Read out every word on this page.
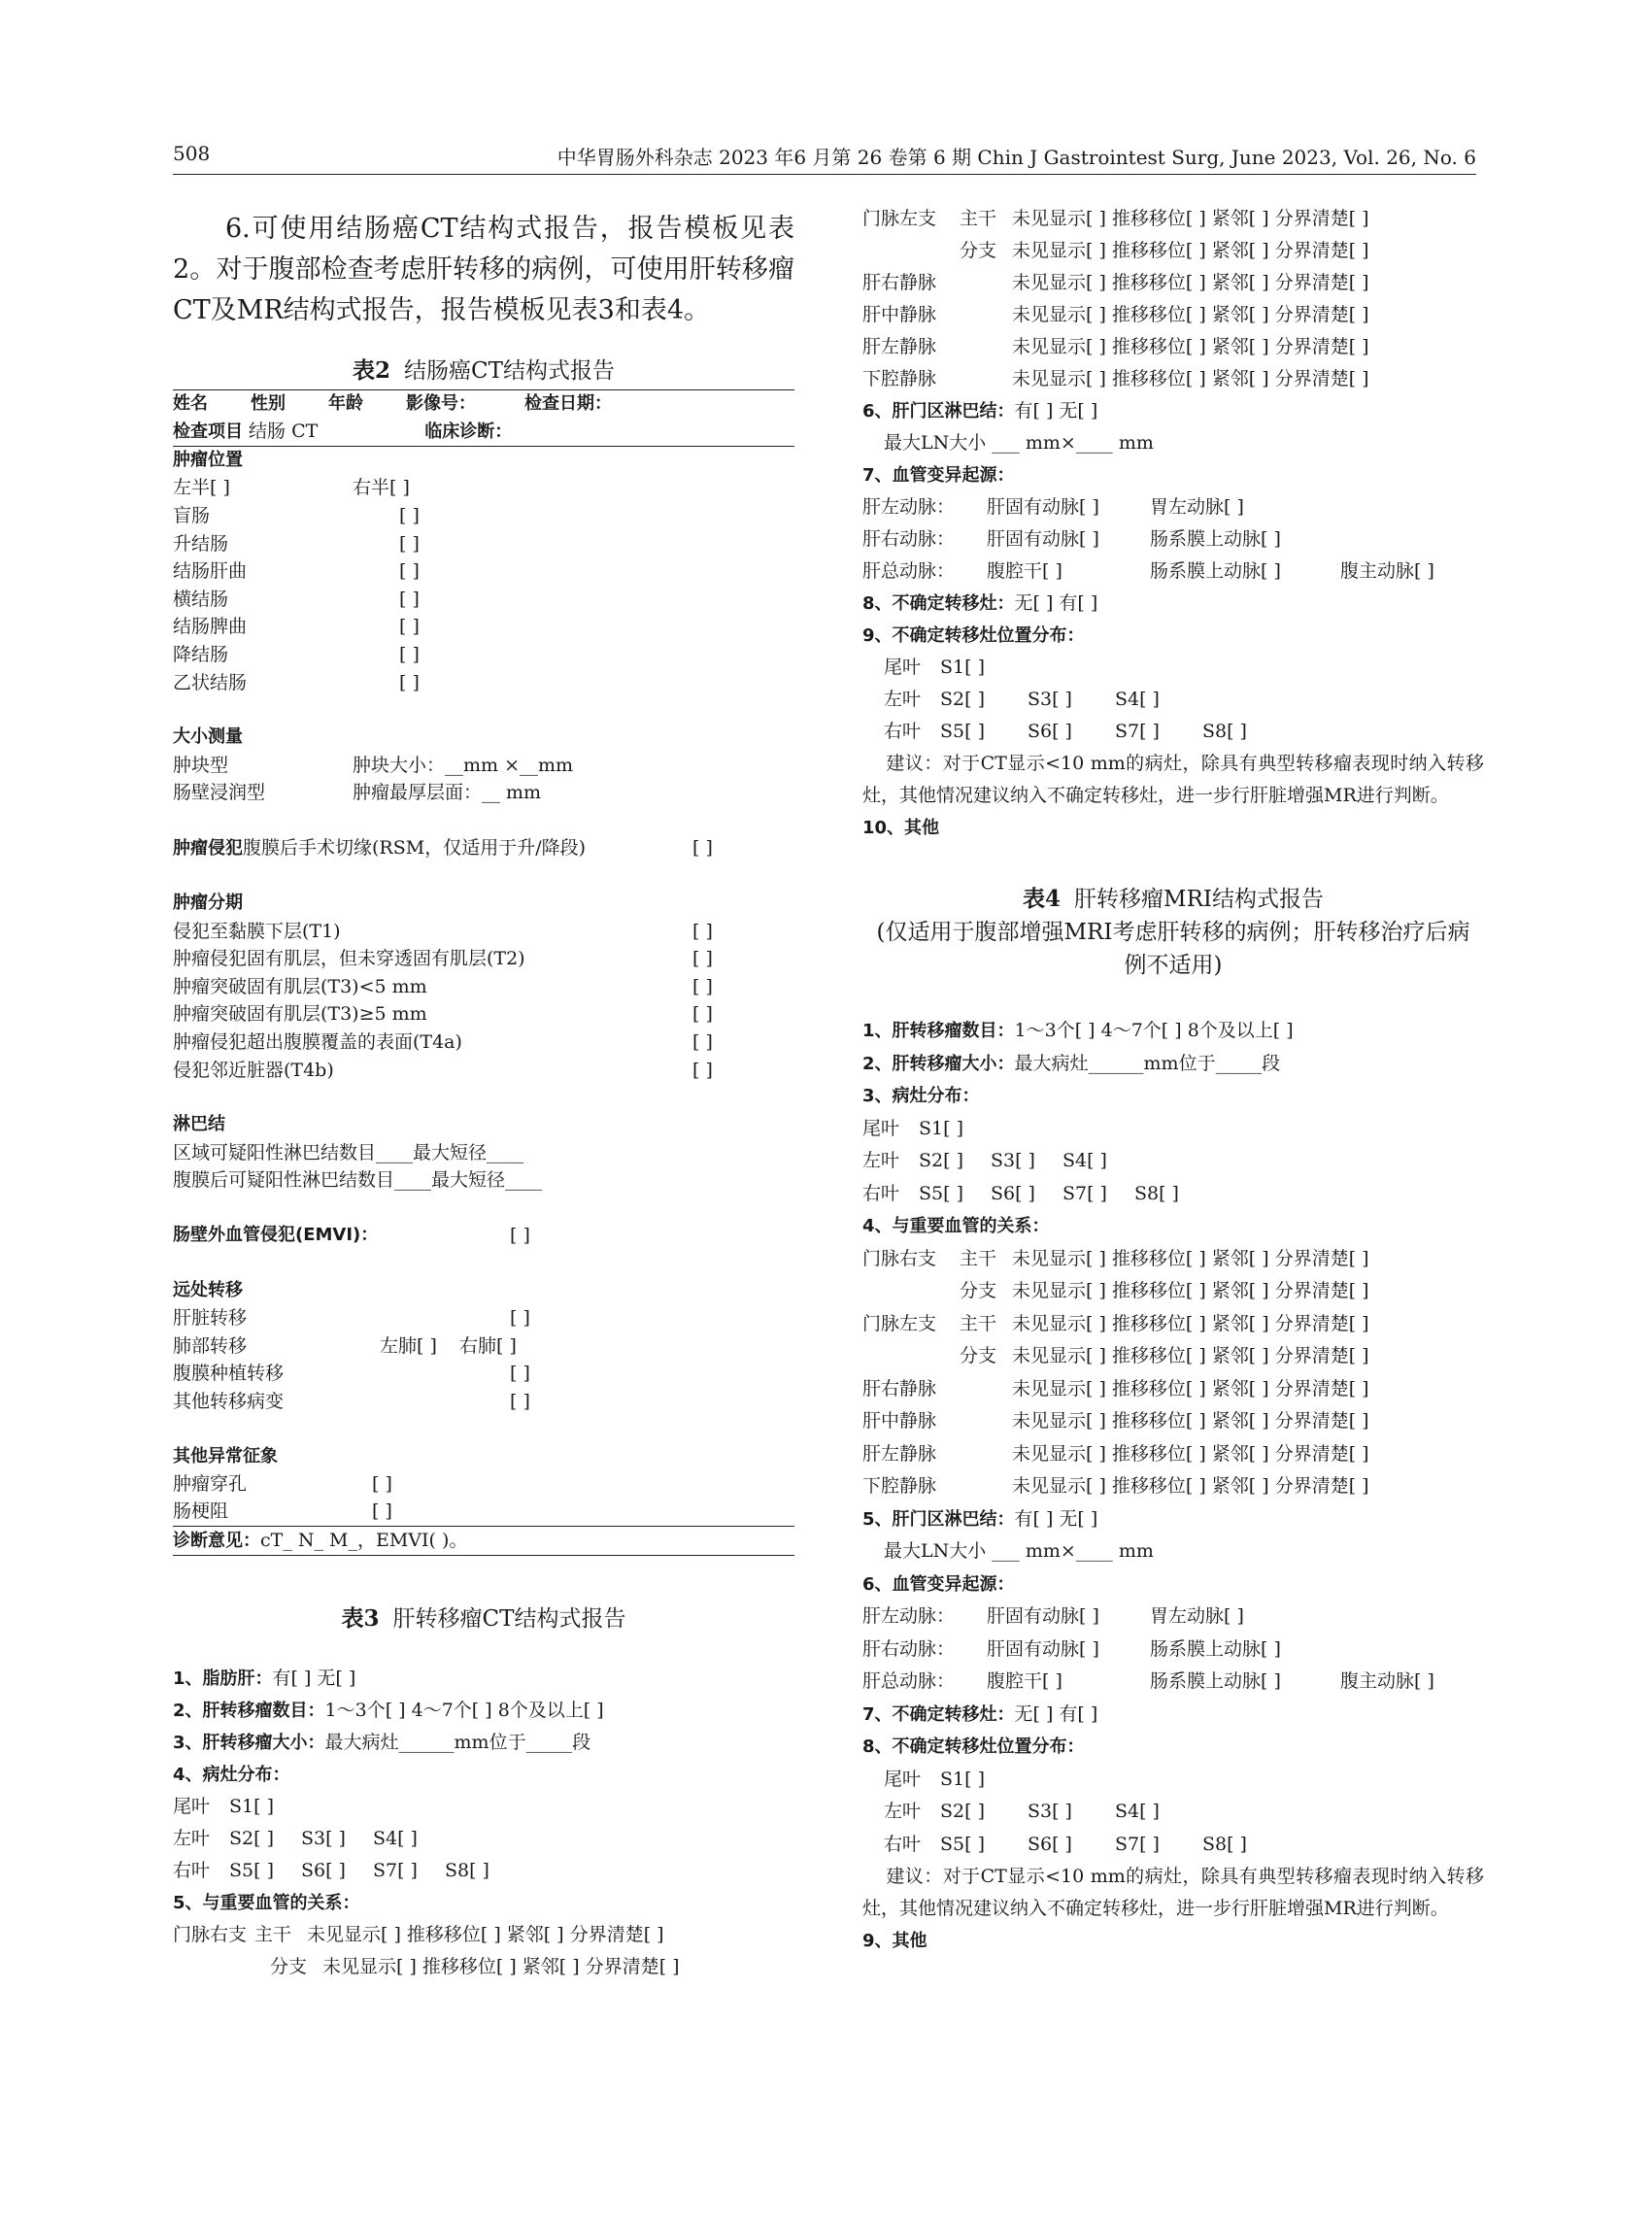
508	中华胃肠外科杂志 2023 年6 月第 26 卷第 6 期 Chin J Gastrointest Surg, June 2023, Vol. 26, No. 6

6.可使用结肠癌CT结构式报告，报告模板见表2。对于腹部检查考虑肝转移的病例，可使用肝转移瘤CT及MR结构式报告，报告模板见表3和表4。

表2 结肠癌CT结构式报告
姓名 性别 年龄 影像号： 检查日期：			
检查项目 结肠 CT 临床诊断：			
肿瘤位置			
左半[ ]	右半[ ]		
盲肠	[ ]		
升结肠	[ ]		
结肠肝曲	[ ]		
横结肠	[ ]		
结肠脾曲	[ ]		
降结肠	[ ]		
乙状结肠	[ ]		

大小测量			
肿块型	肿块大小：__mm ×__mm		
肠壁浸润型	肿瘤最厚层面：__ mm		

肿瘤侵犯腹膜后手术切缘(RSM，仅适用于升/降段)			[ ]

肿瘤分期			
侵犯至黏膜下层(T1)			[ ]
肿瘤侵犯固有肌层，但未穿透固有肌层(T2)			[ ]
肿瘤突破固有肌层(T3)<5 mm			[ ]
肿瘤突破固有肌层(T3)≥5 mm			[ ]
肿瘤侵犯超出腹膜覆盖的表面(T4a)			[ ]
侵犯邻近脏器(T4b)			[ ]

淋巴结			
区域可疑阳性淋巴结数目____最大短径____			
腹膜后可疑阳性淋巴结数目____最大短径____			

肠壁外血管侵犯(EMVI)：		[ ]	

远处转移			
肝脏转移		[ ]	
肺部转移	左肺[ ]	右肺[ ]	
腹膜种植转移		[ ]	
其他转移病变		[ ]	

其他异常征象			
肿瘤穿孔	[ ]		
肠梗阻	[ ]		
诊断意见：cT_ N_ M_，EMVI( )。			
表3 肝转移瘤CT结构式报告
1、脂肪肝：有[ ] 无[ ]
2、肝转移瘤数目：1～3个[ ] 4～7个[ ] 8个及以上[ ]
3、肝转移瘤大小：最大病灶______mm位于_____段
4、病灶分布：
尾叶 S1[ ]
左叶 S2[ ] S3[ ] S4[ ]
右叶 S5[ ] S6[ ] S7[ ] S8[ ]
5、与重要血管的关系：
门脉右支 主干 未见显示[ ] 推移移位[ ] 紧邻[ ] 分界清楚[ ]
分支 未见显示[ ] 推移移位[ ] 紧邻[ ] 分界清楚[ ]
门脉左支 主干 未见显示[ ] 推移移位[ ] 紧邻[ ] 分界清楚[ ]
分支 未见显示[ ] 推移移位[ ] 紧邻[ ] 分界清楚[ ]
肝右静脉	未见显示[ ] 推移移位[ ] 紧邻[ ] 分界清楚[ ]
肝中静脉	未见显示[ ] 推移移位[ ] 紧邻[ ] 分界清楚[ ]
肝左静脉	未见显示[ ] 推移移位[ ] 紧邻[ ] 分界清楚[ ]
下腔静脉	未见显示[ ] 推移移位[ ] 紧邻[ ] 分界清楚[ ]
6、肝门区淋巴结：有[ ] 无[ ]
最大LN大小 ___ mm×____ mm
7、血管变异起源：
肝左动脉： 肝固有动脉[ ]	胃左动脉[ ]
肝右动脉： 肝固有动脉[ ]	肠系膜上动脉[ ]
肝总动脉： 腹腔干[ ]	肠系膜上动脉[ ]	腹主动脉[ ]
8、不确定转移灶：无[ ] 有[ ]
9、不确定转移灶位置分布：
尾叶 S1[ ]
左叶 S2[ ] S3[ ] S4[ ]
右叶 S5[ ] S6[ ] S7[ ] S8[ ]

建议：对于CT显示<10 mm的病灶，除具有典型转移瘤表现时纳入转移灶，其他情况建议纳入不确定转移灶，进一步行肝脏增强MR进行判断。

10、其他
表4 肝转移瘤MRI结构式报告
(仅适用于腹部增强MRI考虑肝转移的病例；肝转移治疗后病例不适用)
1、肝转移瘤数目：1～3个[ ] 4～7个[ ] 8个及以上[ ]
2、肝转移瘤大小：最大病灶______mm位于_____段
3、病灶分布：
尾叶 S1[ ]
左叶 S2[ ] S3[ ] S4[ ]
右叶 S5[ ] S6[ ] S7[ ] S8[ ]
4、与重要血管的关系：
门脉右支 主干 未见显示[ ] 推移移位[ ] 紧邻[ ] 分界清楚[ ]
分支 未见显示[ ] 推移移位[ ] 紧邻[ ] 分界清楚[ ]
门脉左支 主干 未见显示[ ] 推移移位[ ] 紧邻[ ] 分界清楚[ ]
分支 未见显示[ ] 推移移位[ ] 紧邻[ ] 分界清楚[ ]
肝右静脉	未见显示[ ] 推移移位[ ] 紧邻[ ] 分界清楚[ ]
肝中静脉	未见显示[ ] 推移移位[ ] 紧邻[ ] 分界清楚[ ]
肝左静脉	未见显示[ ] 推移移位[ ] 紧邻[ ] 分界清楚[ ]
下腔静脉	未见显示[ ] 推移移位[ ] 紧邻[ ] 分界清楚[ ]
5、肝门区淋巴结：有[ ] 无[ ]
最大LN大小 ___ mm×____ mm
6、血管变异起源：
肝左动脉： 肝固有动脉[ ]	胃左动脉[ ]
肝右动脉： 肝固有动脉[ ]	肠系膜上动脉[ ]
肝总动脉： 腹腔干[ ]	肠系膜上动脉[ ]	腹主动脉[ ]
7、不确定转移灶：无[ ] 有[ ]
8、不确定转移灶位置分布：
尾叶 S1[ ]
左叶 S2[ ] S3[ ] S4[ ]
右叶 S5[ ] S6[ ] S7[ ] S8[ ]

建议：对于CT显示<10 mm的病灶，除具有典型转移瘤表现时纳入转移灶，其他情况建议纳入不确定转移灶，进一步行肝脏增强MR进行判断。

9、其他
